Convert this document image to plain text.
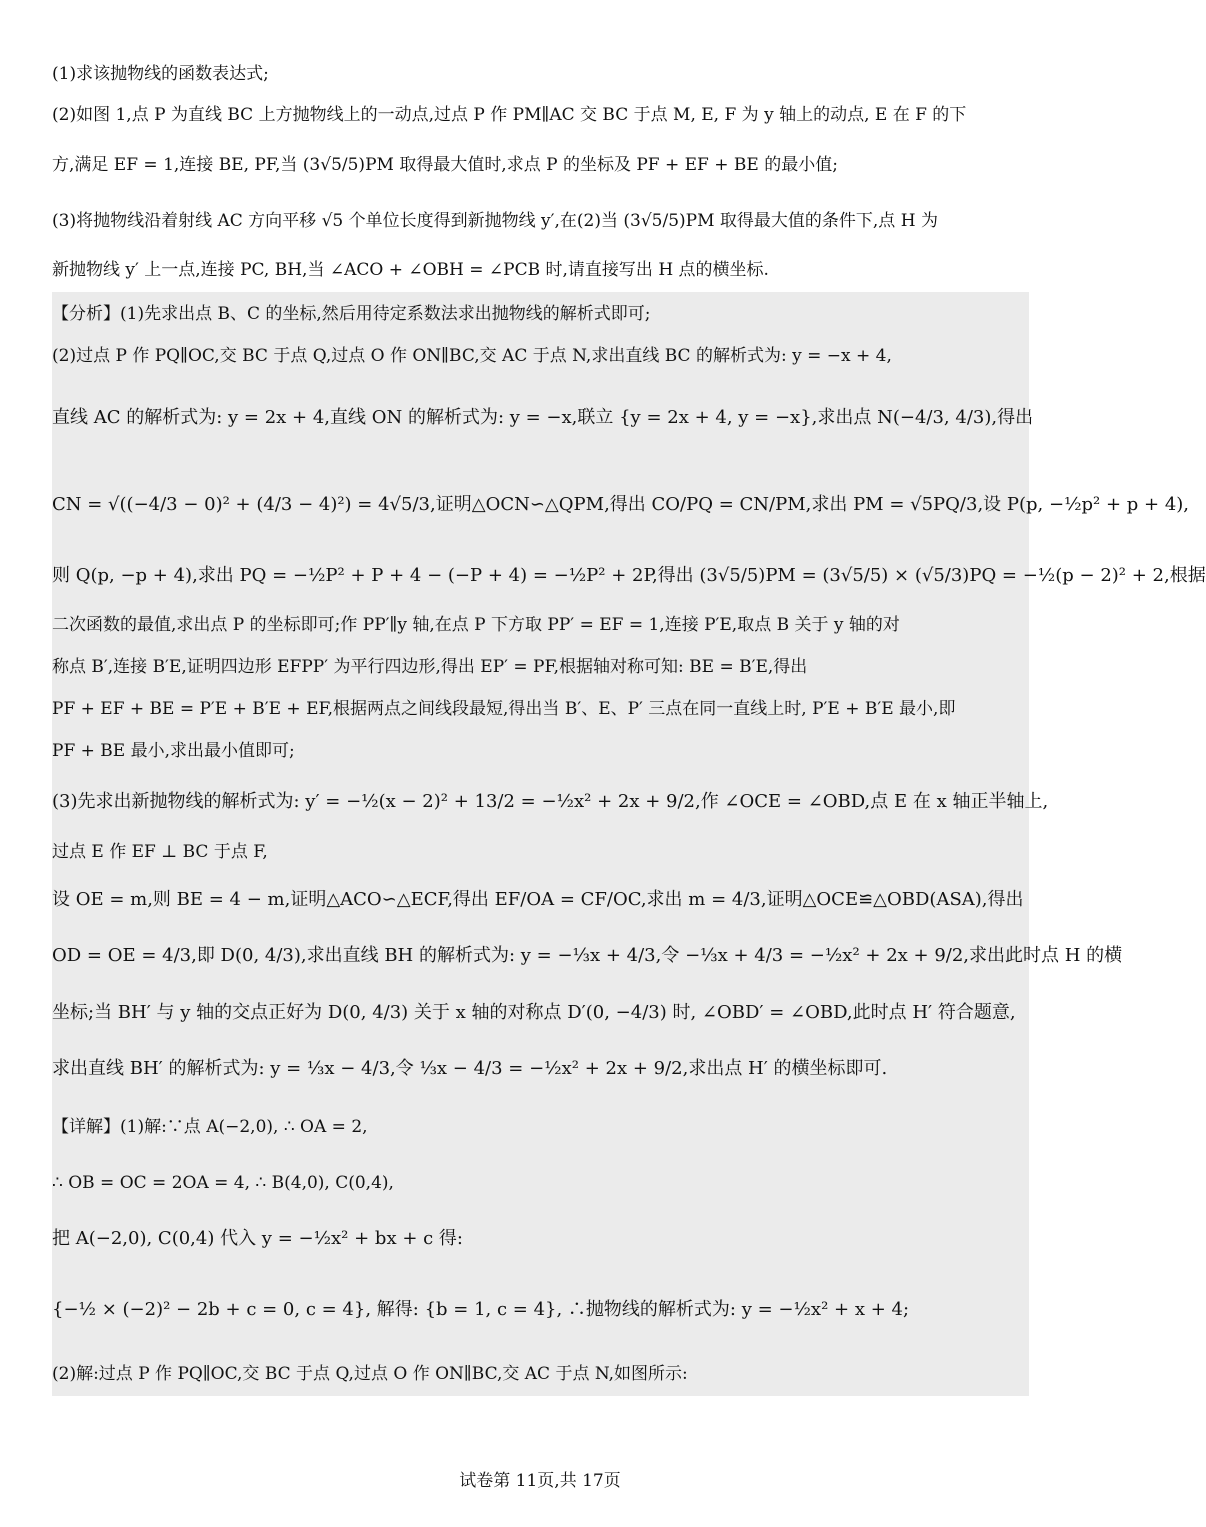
(1)求该抛物线的函数表达式;
(2)如图 1,点 P 为直线 BC 上方抛物线上的一动点,过点 P 作 PM∥AC 交 BC 于点 M, E, F 为 y 轴上的动点, E 在 F 的下
方,满足 EF = 1,连接 BE, PF,当 (3√5/5)PM 取得最大值时,求点 P 的坐标及 PF + EF + BE 的最小值;
(3)将抛物线沿着射线 AC 方向平移 √5 个单位长度得到新抛物线 y′,在(2)当 (3√5/5)PM 取得最大值的条件下,点 H 为
新抛物线 y′ 上一点,连接 PC, BH,当 ∠ACO + ∠OBH = ∠PCB 时,请直接写出 H 点的横坐标.
【分析】(1)先求出点 B、C 的坐标,然后用待定系数法求出抛物线的解析式即可;
(2)过点 P 作 PQ∥OC,交 BC 于点 Q,过点 O 作 ON∥BC,交 AC 于点 N,求出直线 BC 的解析式为: y = −x + 4,
直线 AC 的解析式为: y = 2x + 4,直线 ON 的解析式为: y = −x,联立 {y = 2x + 4, y = −x},求出点 N(−4/3, 4/3),得出
CN = √((−4/3 − 0)² + (4/3 − 4)²) = 4√5/3,证明△OCN∽△QPM,得出 CO/PQ = CN/PM,求出 PM = √5PQ/3,设 P(p, −½p² + p + 4),
则 Q(p, −p + 4),求出 PQ = −½P² + P + 4 − (−P + 4) = −½P² + 2P,得出 (3√5/5)PM = (3√5/5) × (√5/3)PQ = −½(p − 2)² + 2,根据
二次函数的最值,求出点 P 的坐标即可;作 PP′∥y 轴,在点 P 下方取 PP′ = EF = 1,连接 P′E,取点 B 关于 y 轴的对
称点 B′,连接 B′E,证明四边形 EFPP′ 为平行四边形,得出 EP′ = PF,根据轴对称可知: BE = B′E,得出
PF + EF + BE = P′E + B′E + EF,根据两点之间线段最短,得出当 B′、E、P′ 三点在同一直线上时, P′E + B′E 最小,即
PF + BE 最小,求出最小值即可;
(3)先求出新抛物线的解析式为: y′ = −½(x − 2)² + 13/2 = −½x² + 2x + 9/2,作 ∠OCE = ∠OBD,点 E 在 x 轴正半轴上,
过点 E 作 EF ⊥ BC 于点 F,
设 OE = m,则 BE = 4 − m,证明△ACO∽△ECF,得出 EF/OA = CF/OC,求出 m = 4/3,证明△OCE≌△OBD(ASA),得出
OD = OE = 4/3,即 D(0, 4/3),求出直线 BH 的解析式为: y = −⅓x + 4/3,令 −⅓x + 4/3 = −½x² + 2x + 9/2,求出此时点 H 的横
坐标;当 BH′ 与 y 轴的交点正好为 D(0, 4/3) 关于 x 轴的对称点 D′(0, −4/3) 时, ∠OBD′ = ∠OBD,此时点 H′ 符合题意,
求出直线 BH′ 的解析式为: y = ⅓x − 4/3,令 ⅓x − 4/3 = −½x² + 2x + 9/2,求出点 H′ 的横坐标即可.
【详解】(1)解:∵点 A(−2,0), ∴ OA = 2,
∴ OB = OC = 2OA = 4, ∴ B(4,0), C(0,4),
把 A(−2,0), C(0,4) 代入 y = −½x² + bx + c 得:
{−½ × (−2)² − 2b + c = 0, c = 4}, 解得: {b = 1, c = 4}, ∴抛物线的解析式为: y = −½x² + x + 4;
(2)解:过点 P 作 PQ∥OC,交 BC 于点 Q,过点 O 作 ON∥BC,交 AC 于点 N,如图所示:
试卷第 11页,共 17页
